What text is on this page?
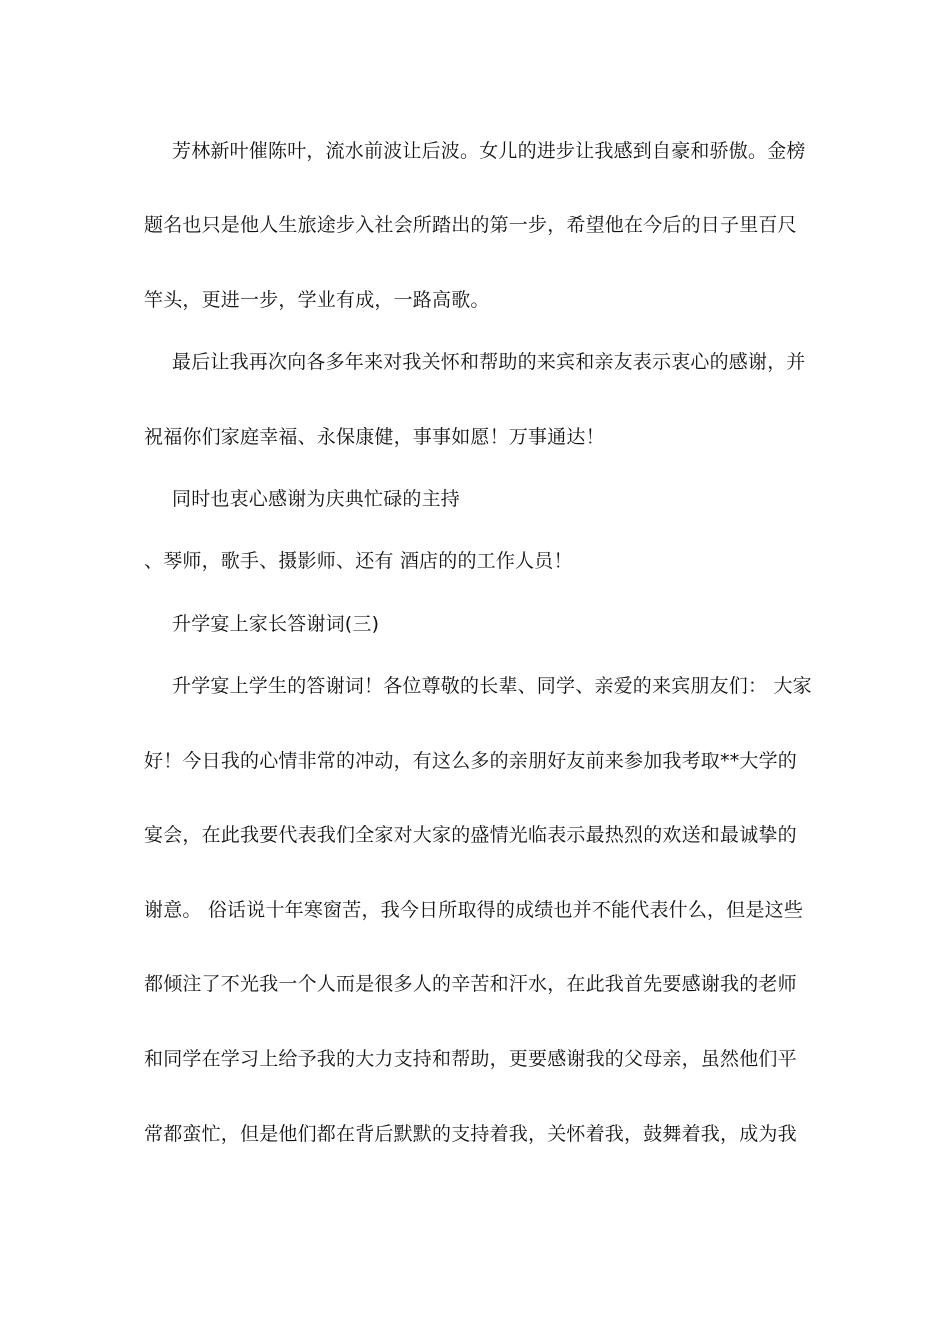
芳林新叶催陈叶，流水前波让后波。女儿的进步让我感到自豪和骄傲。金榜
题名也只是他人生旅途步入社会所踏出的第一步，希望他在今后的日子里百尺
竿头，更进一步，学业有成，一路高歌。
最后让我再次向各多年来对我关怀和帮助的来宾和亲友表示衷心的感谢，并
祝福你们家庭幸福、永保康健，事事如愿！万事通达！
同时也衷心感谢为庆典忙碌的主持
、琴师，歌手、摄影师、还有 酒店的的工作人员！
升学宴上家长答谢词(三)
升学宴上学生的答谢词！各位尊敬的长辈、同学、亲爱的来宾朋友们： 大家
好！今日我的心情非常的冲动，有这么多的亲朋好友前来参加我考取**大学的
宴会，在此我要代表我们全家对大家的盛情光临表示最热烈的欢送和最诚挚的
谢意。 俗话说十年寒窗苦，我今日所取得的成绩也并不能代表什么，但是这些
都倾注了不光我一个人而是很多人的辛苦和汗水，在此我首先要感谢我的老师
和同学在学习上给予我的大力支持和帮助，更要感谢我的父母亲，虽然他们平
常都蛮忙，但是他们都在背后默默的支持着我，关怀着我，鼓舞着我，成为我
